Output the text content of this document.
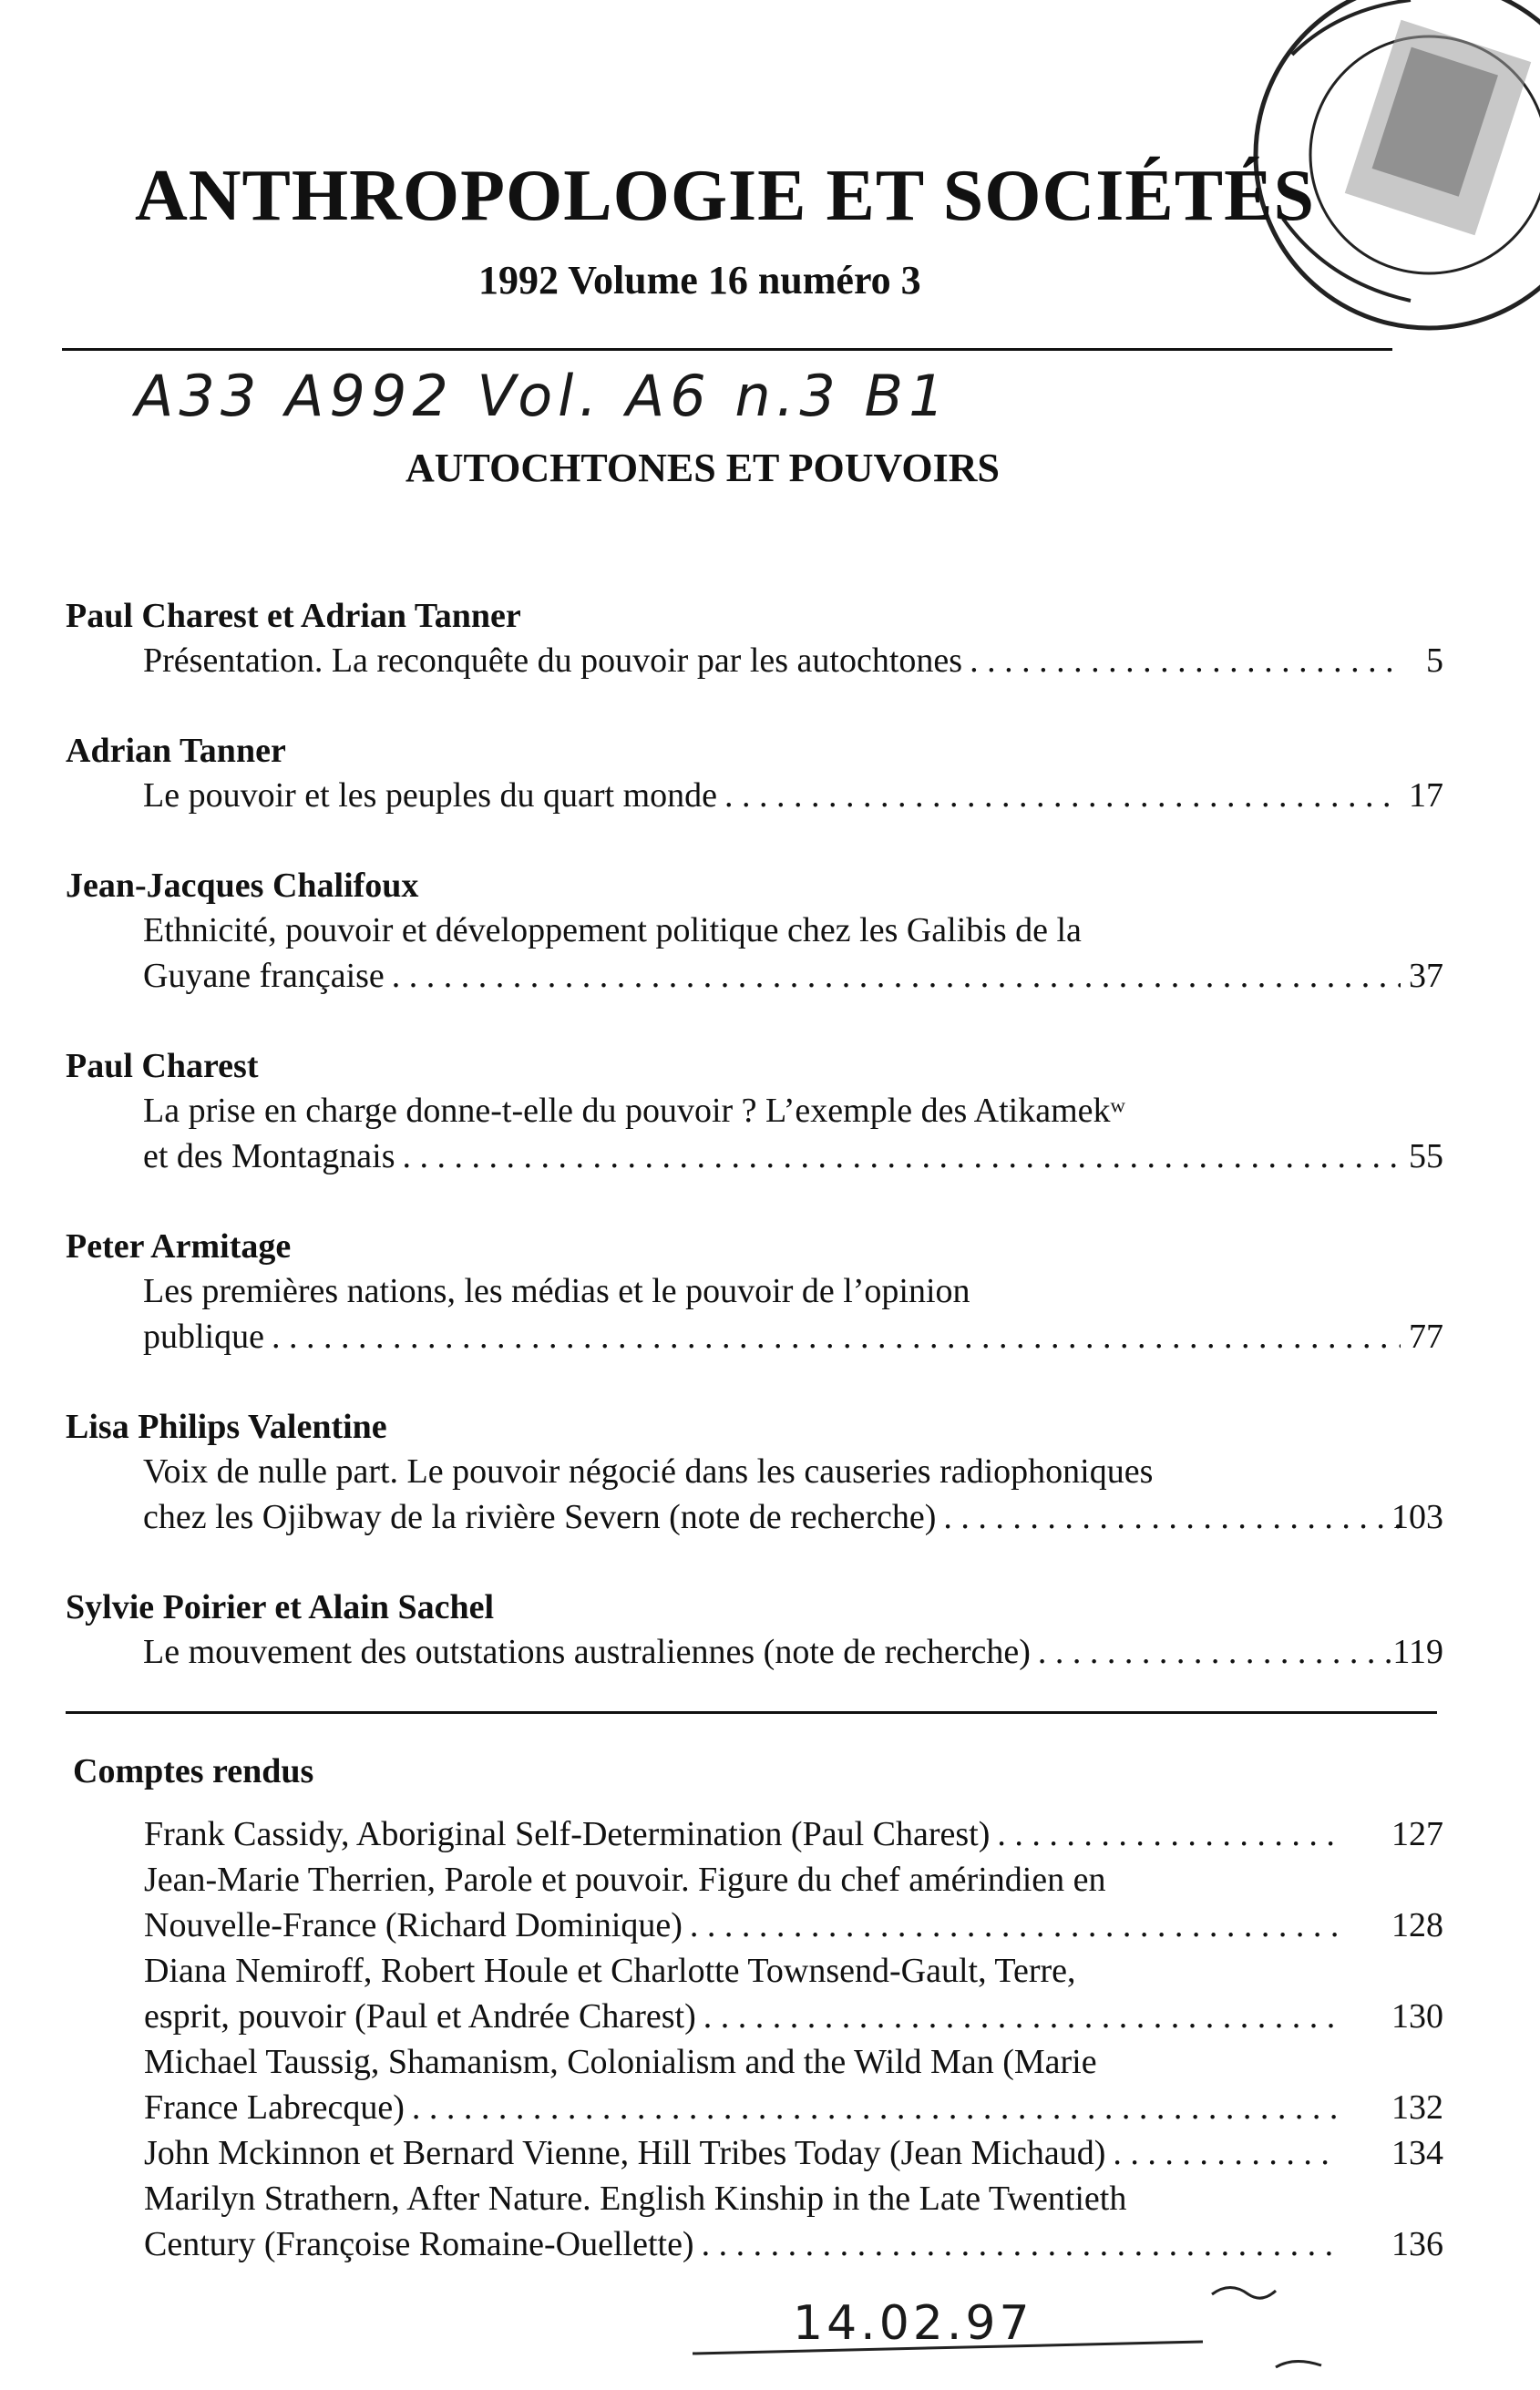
ANTHROPOLOGIE ET SOCIÉTÉS
1992 Volume 16 numéro 3
A33 A992 Vol. A6 n.3 B1
AUTOCHTONES ET POUVOIRS
Paul Charest et Adrian Tanner
Présentation. La reconquête du pouvoir par les autochtones . . .	5
Adrian Tanner
Le pouvoir et les peuples du quart monde . . .	17
Jean-Jacques Chalifoux
Ethnicité, pouvoir et développement politique chez les Galibis de la
Guyane française . . .	37
Paul Charest
La prise en charge donne-t-elle du pouvoir ? L’exemple des Atikamekʷ
et des Montagnais . . .	55
Peter Armitage
Les premières nations, les médias et le pouvoir de l’opinion
publique . . .	77
Lisa Philips Valentine
Voix de nulle part. Le pouvoir négocié dans les causeries radiophoniques
chez les Ojibway de la rivière Severn (note de recherche) . . .	103
Sylvie Poirier et Alain Sachel
Le mouvement des outstations australiennes (note de recherche) . . .	119
Comptes rendus
Frank Cassidy, Aboriginal Self-Determination (Paul Charest) . . .	127
Jean-Marie Therrien, Parole et pouvoir. Figure du chef amérindien en
Nouvelle-France (Richard Dominique) . . .	128
Diana Nemiroff, Robert Houle et Charlotte Townsend-Gault, Terre,
esprit, pouvoir (Paul et Andrée Charest) . . .	130
Michael Taussig, Shamanism, Colonialism and the Wild Man (Marie
France Labrecque) . . .	132
John Mckinnon et Bernard Vienne, Hill Tribes Today (Jean Michaud) . . .	134
Marilyn Strathern, After Nature. English Kinship in the Late Twentieth
Century (Françoise Romaine-Ouellette) . . .	136
14.02.97
